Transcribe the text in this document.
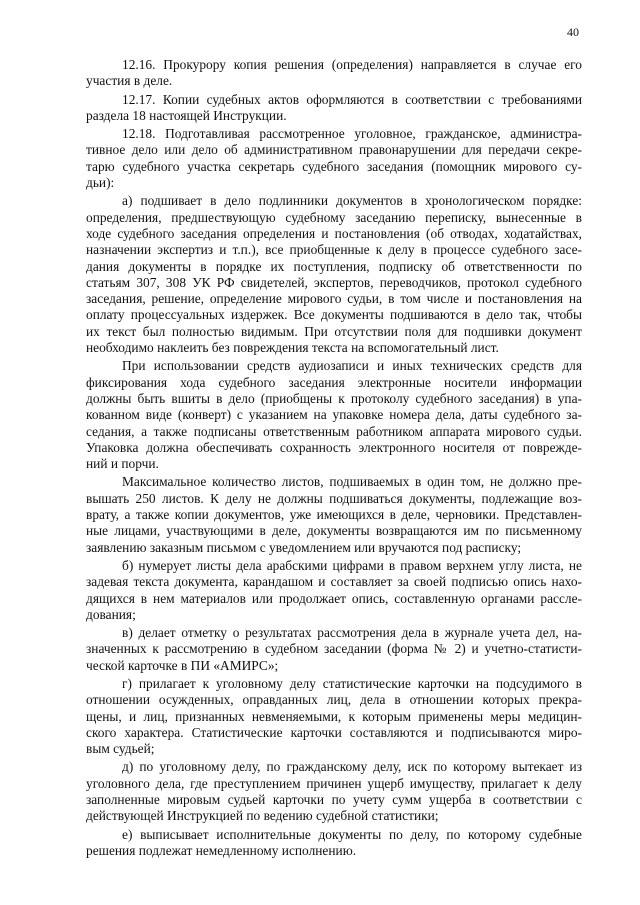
40
12.16. Прокурору копия решения (определения) направляется в случае его
участия в деле.
12.17. Копии судебных актов оформляются в соответствии с требованиями
раздела 18 настоящей Инструкции.
12.18. Подготавливая рассмотренное уголовное, гражданское, администра-
тивное дело или дело об административном правонарушении для передачи секре-
тарю судебного участка секретарь судебного заседания (помощник мирового су-
дьи):
а) подшивает в дело подлинники документов в хронологическом порядке:
определения, предшествующую судебному заседанию переписку, вынесенные в
ходе судебного заседания определения и постановления (об отводах, ходатайствах,
назначении экспертиз и т.п.), все приобщенные к делу в процессе судебного засе-
дания документы в порядке их поступления, подписку об ответственности по
статьям 307, 308 УК РФ свидетелей, экспертов, переводчиков, протокол судебного
заседания, решение, определение мирового судьи, в том числе и постановления на
оплату процессуальных издержек. Все документы подшиваются в дело так, чтобы
их текст был полностью видимым. При отсутствии поля для подшивки документ
необходимо наклеить без повреждения текста на вспомогательный лист.
При использовании средств аудиозаписи и иных технических средств для
фиксирования хода судебного заседания электронные носители информации
должны быть вшиты в дело (приобщены к протоколу судебного заседания) в упа-
кованном виде (конверт) с указанием на упаковке номера дела, даты судебного за-
седания, а также подписаны ответственным работником аппарата мирового судьи.
Упаковка должна обеспечивать сохранность электронного носителя от поврежде-
ний и порчи.
Максимальное количество листов, подшиваемых в один том, не должно пре-
вышать 250 листов. К делу не должны подшиваться документы, подлежащие воз-
врату, а также копии документов, уже имеющихся в деле, черновики. Представлен-
ные лицами, участвующими в деле, документы возвращаются им по письменному
заявлению заказным письмом с уведомлением или вручаются под расписку;
б) нумерует листы дела арабскими цифрами в правом верхнем углу листа, не
задевая текста документа, карандашом и составляет за своей подписью опись нахо-
дящихся в нем материалов или продолжает опись, составленную органами рассле-
дования;
в) делает отметку о результатах рассмотрения дела в журнале учета дел, на-
значенных к рассмотрению в судебном заседании (форма № 2) и учетно-статисти-
ческой карточке в ПИ «АМИРС»;
г) прилагает к уголовному делу статистические карточки на подсудимого в
отношении осужденных, оправданных лиц, дела в отношении которых прекра-
щены, и лиц, признанных невменяемыми, к которым применены меры медицин-
ского характера. Статистические карточки составляются и подписываются миро-
вым судьей;
д) по уголовному делу, по гражданскому делу, иск по которому вытекает из
уголовного дела, где преступлением причинен ущерб имуществу, прилагает к делу
заполненные мировым судьей карточки по учету сумм ущерба в соответствии с
действующей Инструкцией по ведению судебной статистики;
е) выписывает исполнительные документы по делу, по которому судебные
решения подлежат немедленному исполнению.
